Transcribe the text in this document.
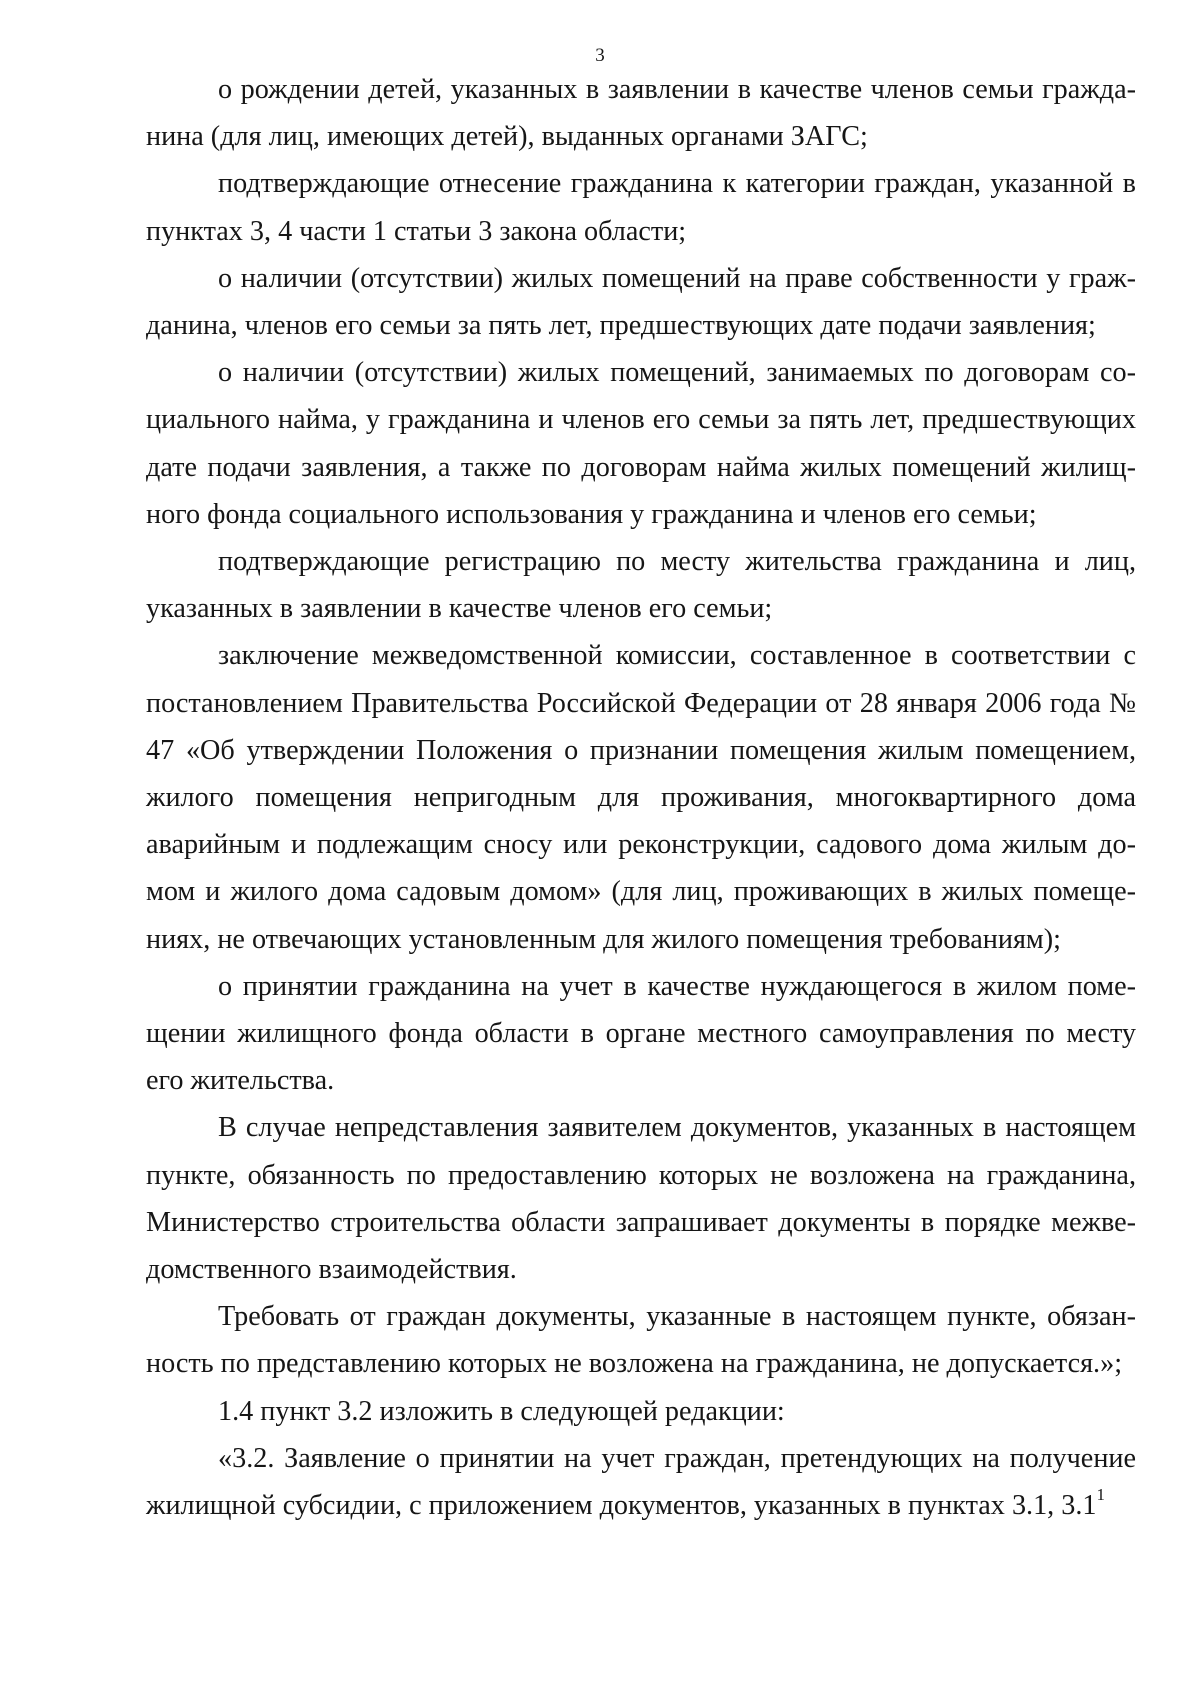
3

о рождении детей, указанных в заявлении в качестве членов семьи гражданина (для лиц, имеющих детей), выданных органами ЗАГС;

подтверждающие отнесение гражданина к категории граждан, указанной в пунктах 3, 4 части 1 статьи 3 закона области;

о наличии (отсутствии) жилых помещений на праве собственности у гражданина, членов его семьи за пять лет, предшествующих дате подачи заявления;

о наличии (отсутствии) жилых помещений, занимаемых по договорам социального найма, у гражданина и членов его семьи за пять лет, предшествующих дате подачи заявления, а также по договорам найма жилых помещений жилищного фонда социального использования у гражданина и членов его семьи;

подтверждающие регистрацию по месту жительства гражданина и лиц, указанных в заявлении в качестве членов его семьи;

заключение межведомственной комиссии, составленное в соответствии с постановлением Правительства Российской Федерации от 28 января 2006 года № 47 «Об утверждении Положения о признании помещения жилым помещением, жилого помещения непригодным для проживания, многоквартирного дома аварийным и подлежащим сносу или реконструкции, садового дома жилым домом и жилого дома садовым домом» (для лиц, проживающих в жилых помещениях, не отвечающих установленным для жилого помещения требованиям);

о принятии гражданина на учет в качестве нуждающегося в жилом помещении жилищного фонда области в органе местного самоуправления по месту его жительства.

В случае непредставления заявителем документов, указанных в настоящем пункте, обязанность по предоставлению которых не возложена на гражданина, Министерство строительства области запрашивает документы в порядке межведомственного взаимодействия.

Требовать от граждан документы, указанные в настоящем пункте, обязанность по представлению которых не возложена на гражданина, не допускается.»;

1.4 пункт 3.2 изложить в следующей редакции:

«3.2. Заявление о принятии на учет граждан, претендующих на получение жилищной субсидии, с приложением документов, указанных в пунктах 3.1, $3.1^1$
